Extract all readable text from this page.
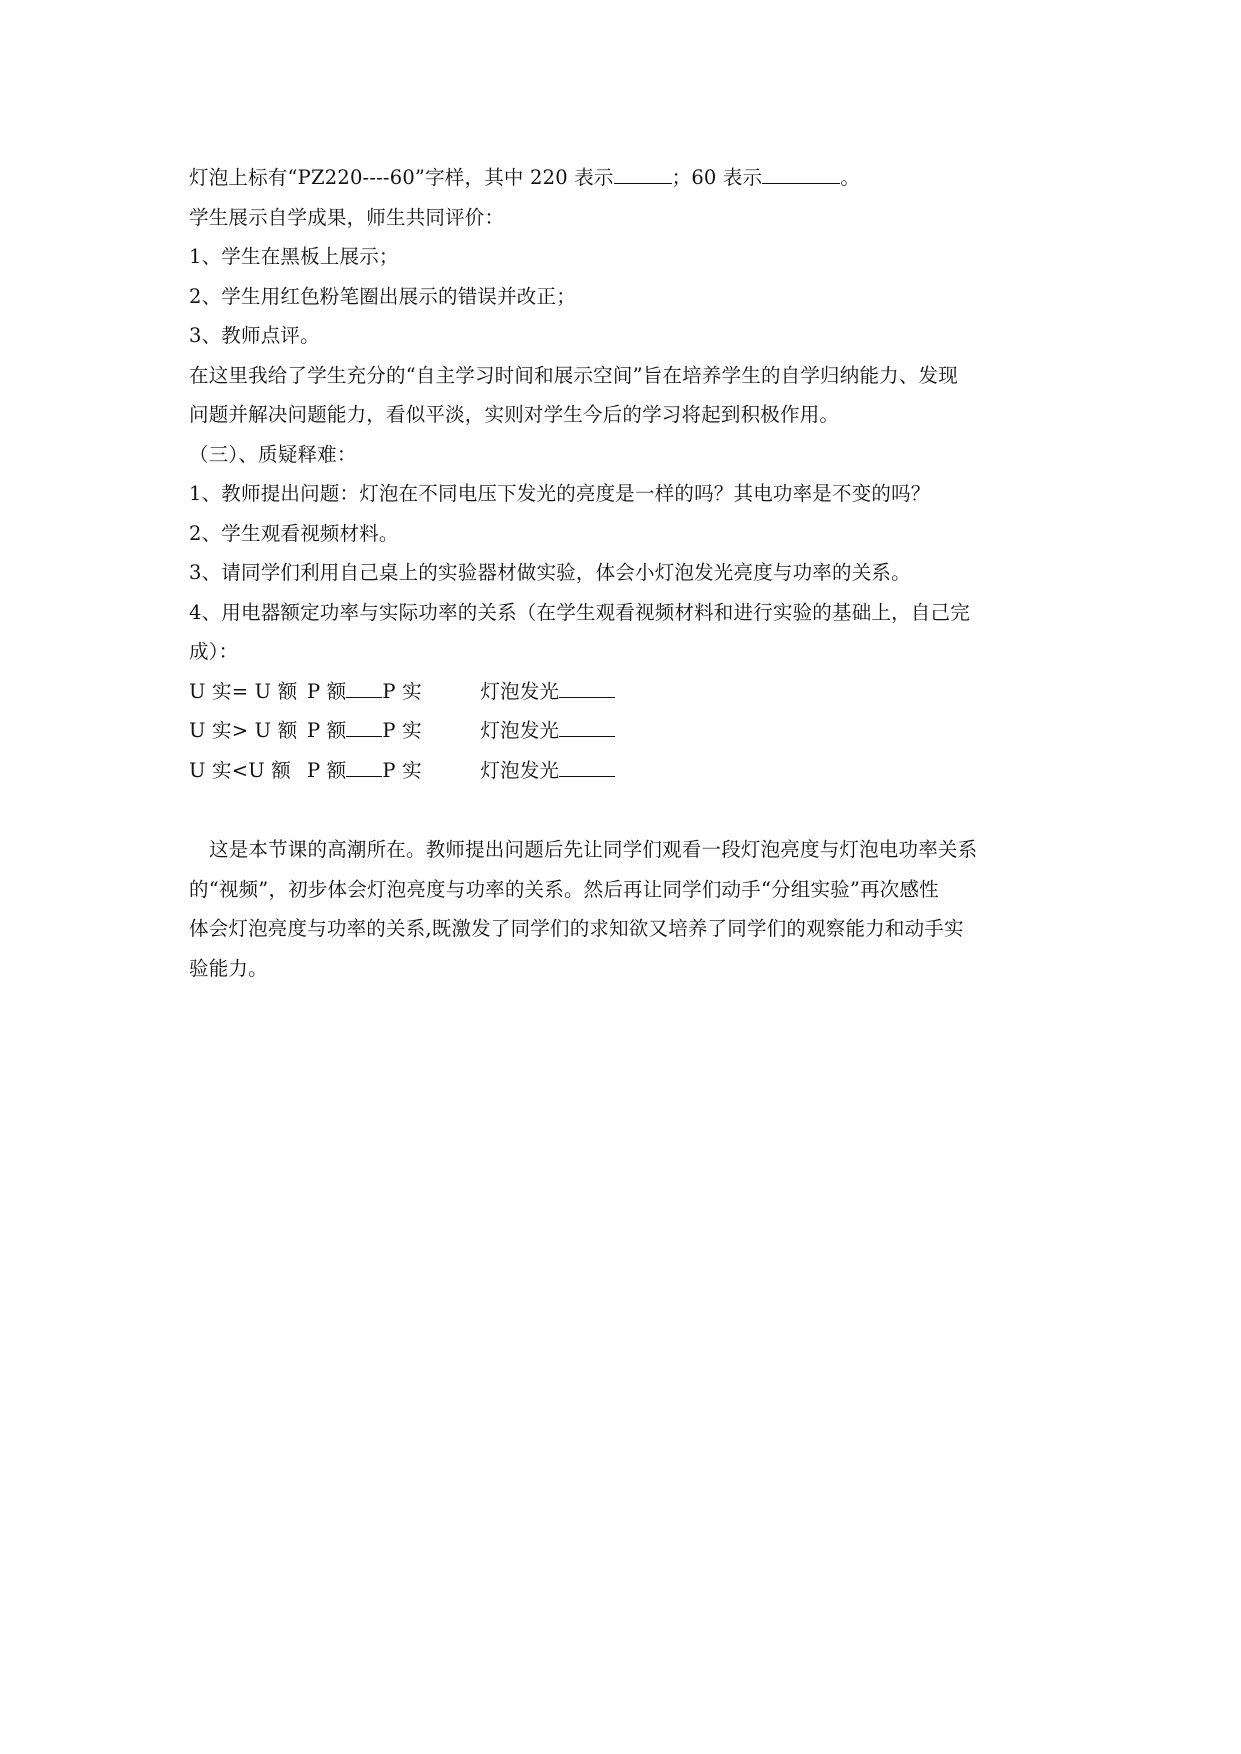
灯泡上标有“PZ220----60”字样，其中 220 表示	；60 表示	。
学生展示自学成果，师生共同评价：
1、学生在黑板上展示；
2、学生用红色粉笔圈出展示的错误并改正；
3、教师点评。
在这里我给了学生充分的“自主学习时间和展示空间”旨在培养学生的自学归纳能力、发现
问题并解决问题能力，看似平淡，实则对学生今后的学习将起到积极作用。
（三）、质疑释难：
1、教师提出问题：灯泡在不同电压下发光的亮度是一样的吗？其电功率是不变的吗？
2、学生观看视频材料。
3、请同学们利用自己桌上的实验器材做实验，体会小灯泡发光亮度与功率的关系。
4、用电器额定功率与实际功率的关系（在学生观看视频材料和进行实验的基础上，自己完
成）：
U 实= U 额 P 额 P 实	灯泡发光
U 实> U 额 P 额 P 实	灯泡发光
U 实<U 额 P 额 P 实	灯泡发光
这是本节课的高潮所在。教师提出问题后先让同学们观看一段灯泡亮度与灯泡电功率关系
的“视频”，初步体会灯泡亮度与功率的关系。然后再让同学们动手“分组实验”再次感性
体会灯泡亮度与功率的关系,既激发了同学们的求知欲又培养了同学们的观察能力和动手实
验能力。
